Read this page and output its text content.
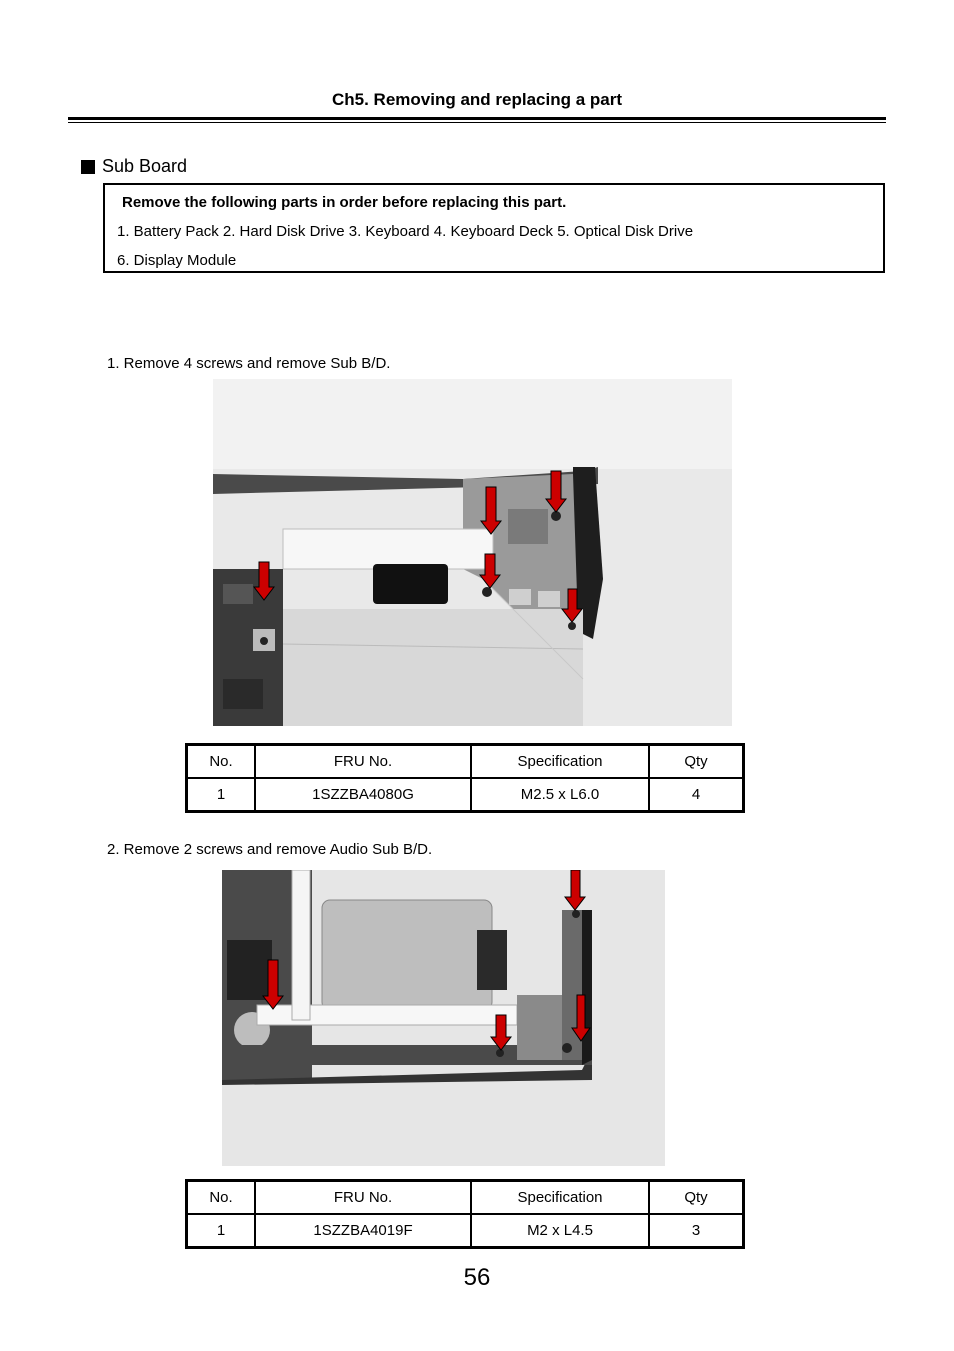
Ch5. Removing and replacing a part
Sub Board
Remove the following parts in order before replacing this part.
1. Battery Pack 2. Hard Disk Drive 3. Keyboard 4. Keyboard Deck 5. Optical Disk Drive
6. Display Module
1. Remove 4 screws and remove Sub B/D.
No.	FRU No.	Specification	Qty
1	1SZZBA4080G	M2.5 x L6.0	4
2. Remove 2 screws and remove Audio Sub B/D.
No.	FRU No.	Specification	Qty
1	1SZZBA4019F	M2 x L4.5	3
56
